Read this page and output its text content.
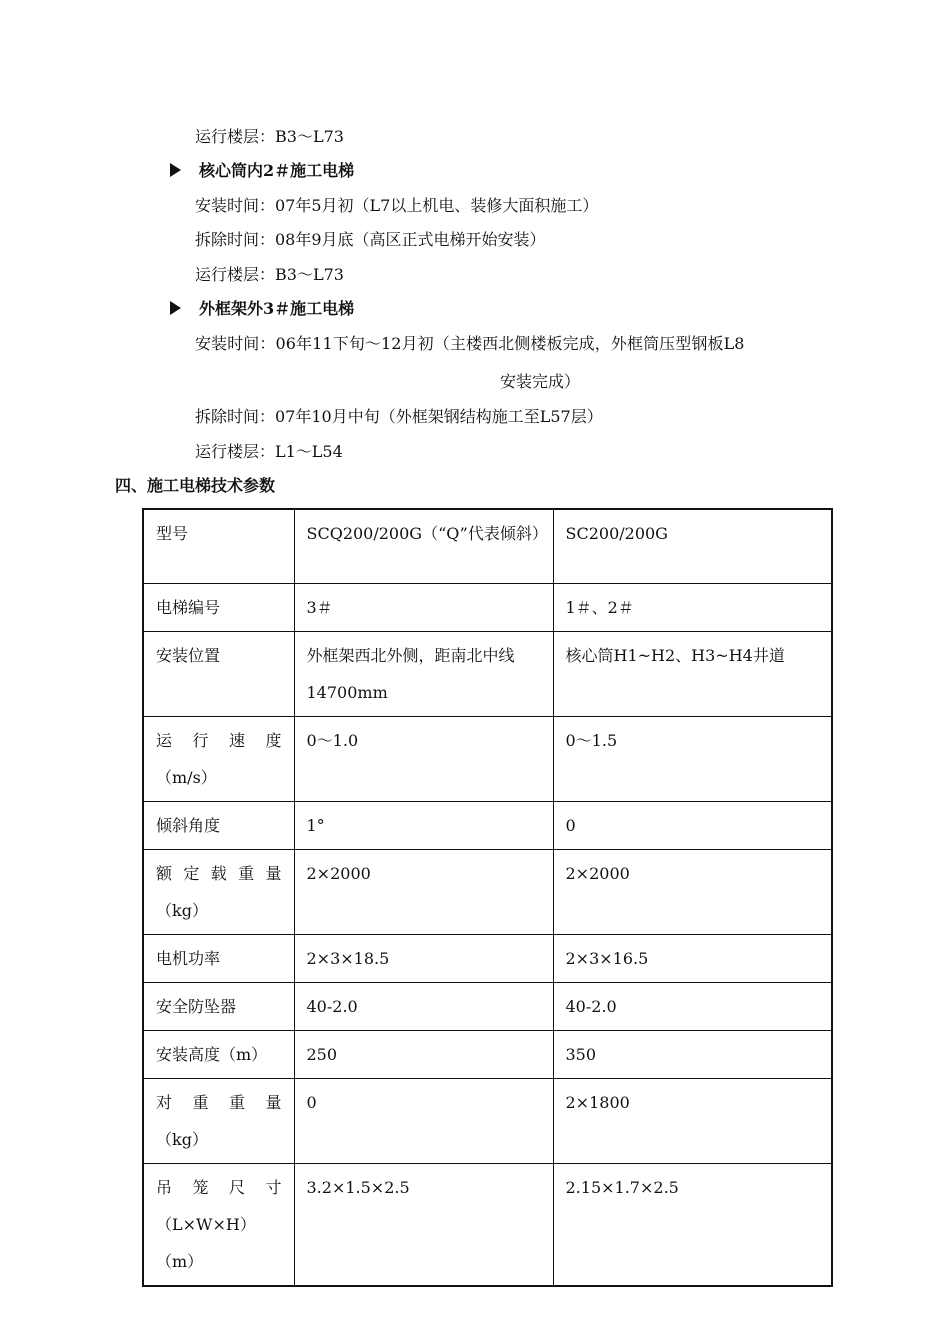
运行楼层：B3～L73
核心筒内2＃施工电梯
安装时间：07年5月初（L7以上机电、装修大面积施工）
拆除时间：08年9月底（高区正式电梯开始安装）
运行楼层：B3～L73
外框架外3＃施工电梯
安装时间：06年11下旬～12月初（主楼西北侧楼板完成，外框筒压型钢板L8
安装完成）
拆除时间：07年10月中旬（外框架钢结构施工至L57层）
运行楼层：L1～L54
四、施工电梯技术参数
型号	SCQ200/200G（“Q”代表倾斜）	SC200/200G

电梯编号	3＃	1＃、2＃

安装位置	外框架西北外侧，距南北中线14700mm	核心筒H1~H2、H3~H4井道

运行速度
（m/s）	0～1.0	0～1.5

倾斜角度	1°	0

额定载重量
（kg）	2×2000	2×2000

电机功率	2×3×18.5	2×3×16.5

安全防坠器	40-2.0	40-2.0

安装高度（m）	250	350

对重重量
（kg）	0	2×1800

吊笼尺寸
（L×W×H）（m）	3.2×1.5×2.5	2.15×1.7×2.5
